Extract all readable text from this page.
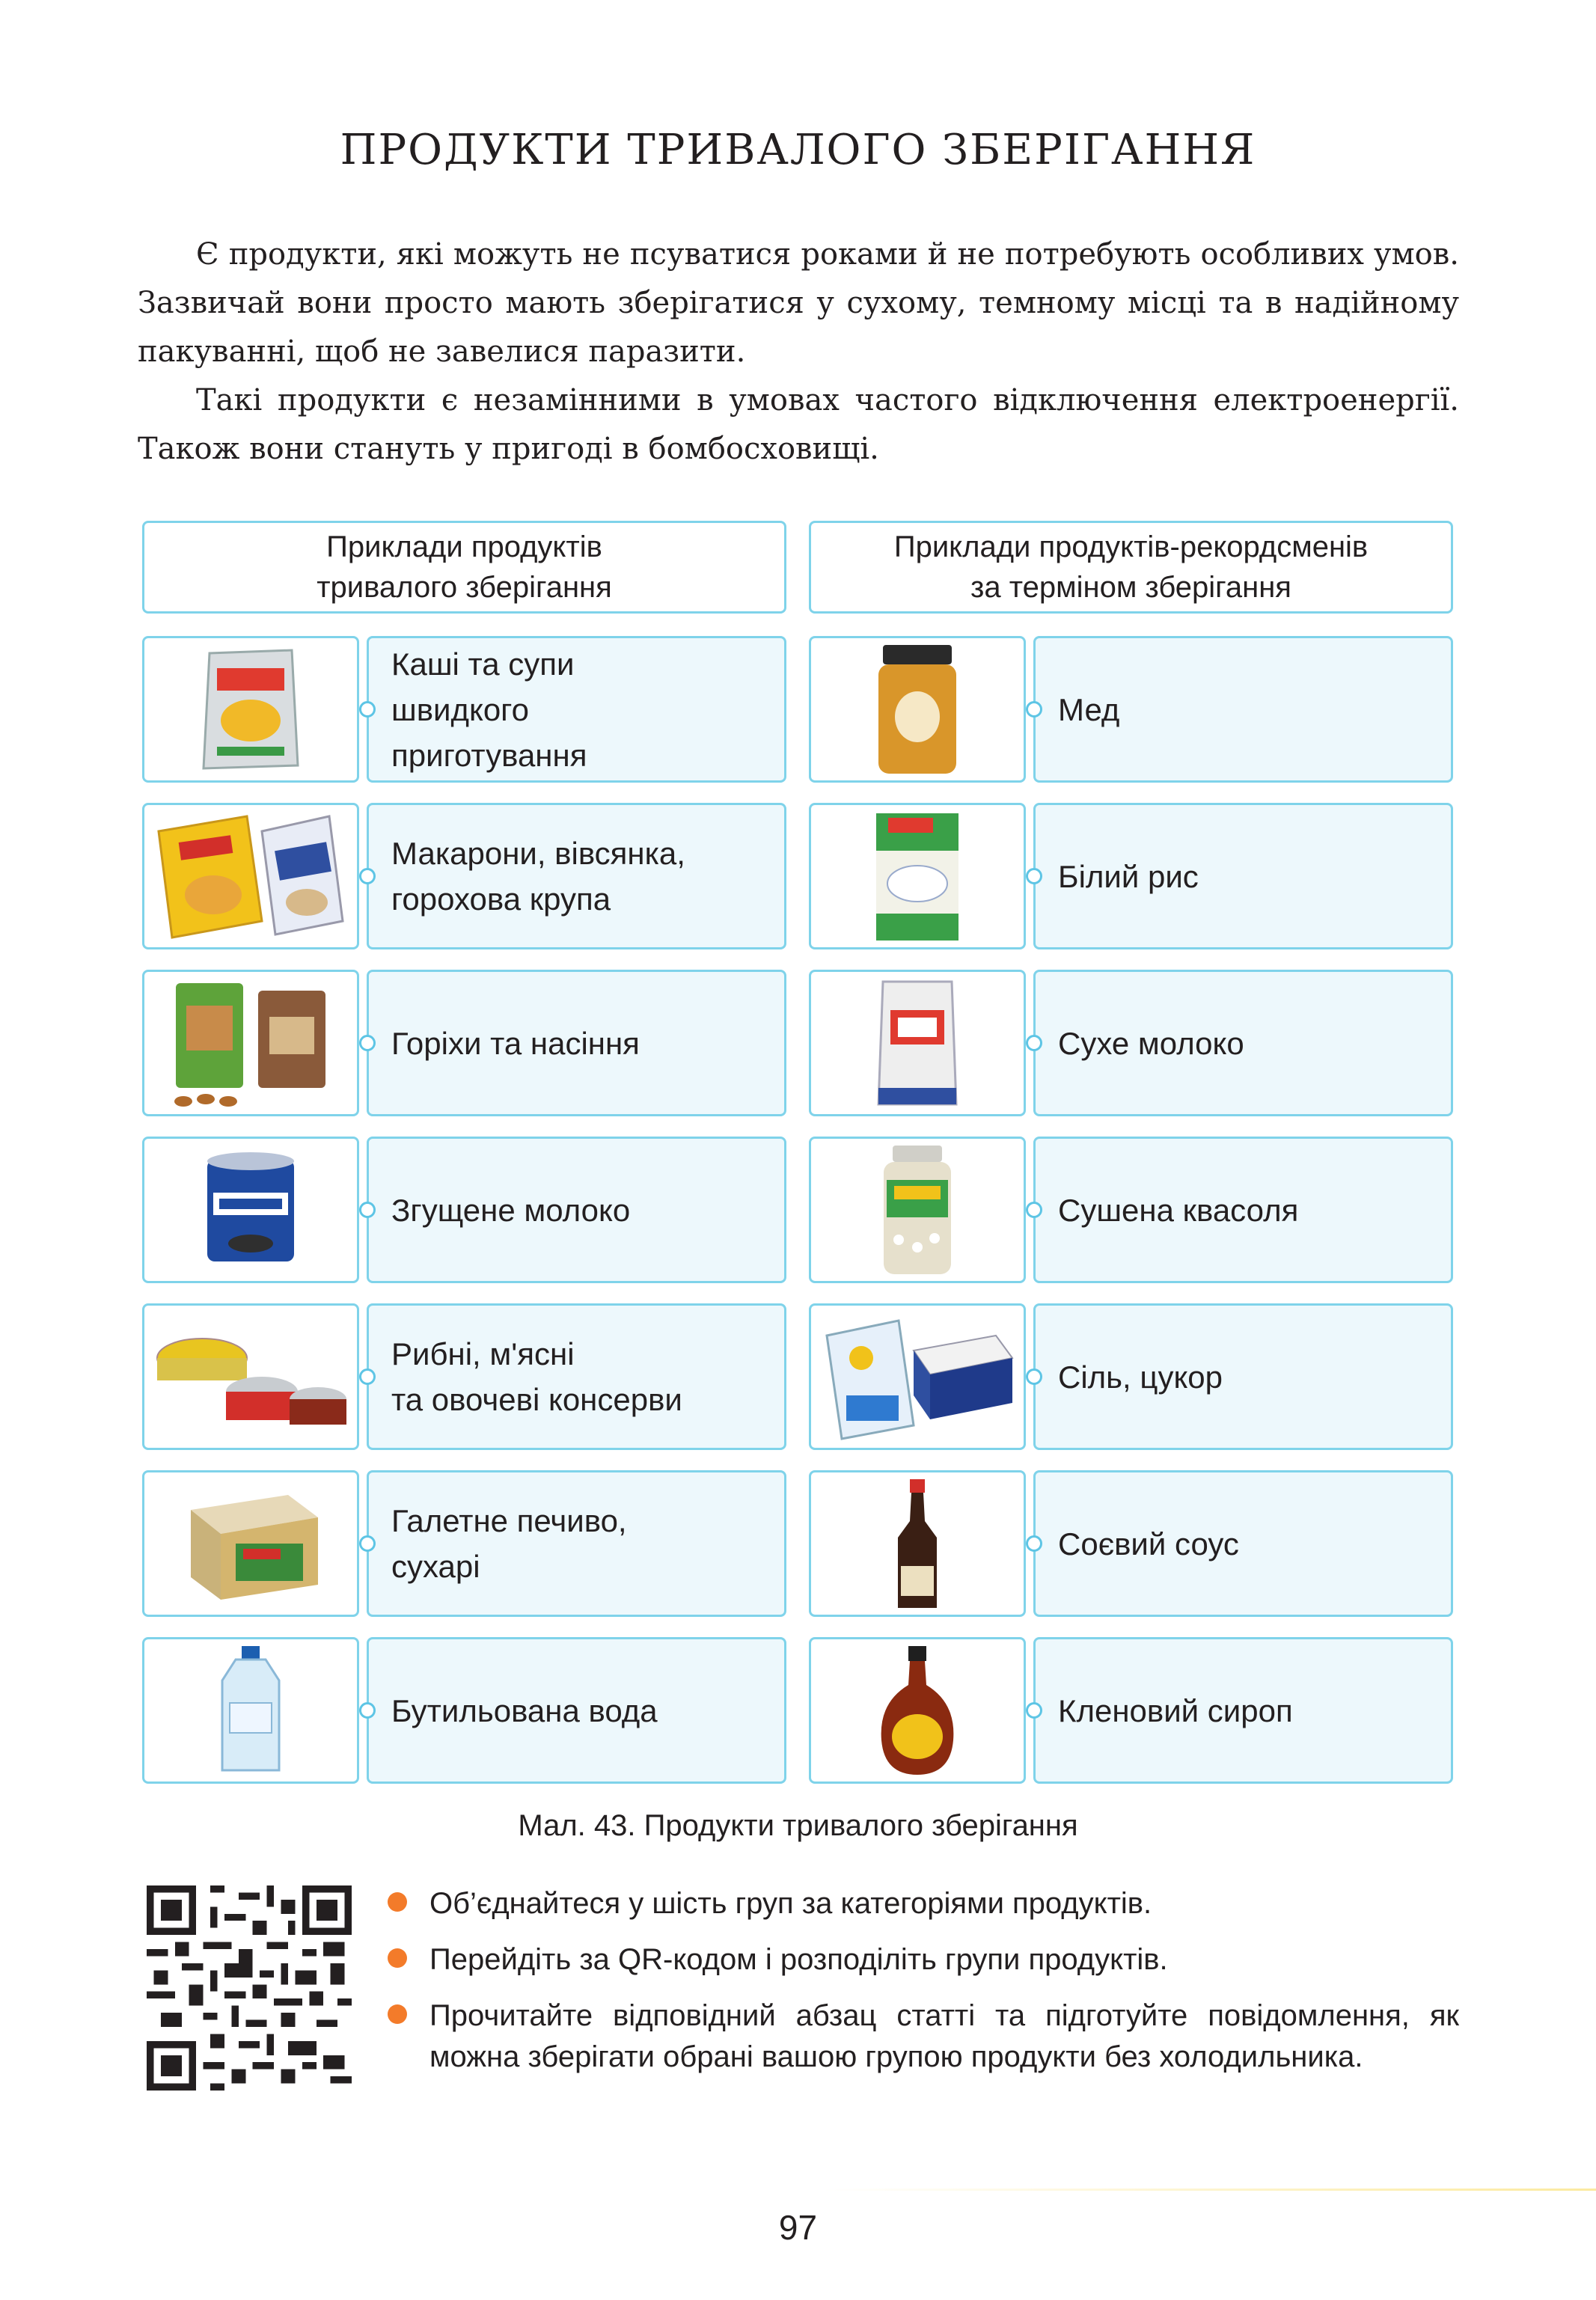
ПРОДУКТИ ТРИВАЛОГО ЗБЕРІГАННЯ

Є продукти, які можуть не псуватися роками й не потребують особливих умов. Зазвичай вони просто мають зберігатися у сухому, темному місці та в надійному пакуванні, щоб не завелися паразити.

Такі продукти є незамінними в умовах частого відключення електроенергії. Також вони стануть у пригоді в бомбосховищі.

Приклади продуктів
тривалого зберігання
Приклади продуктів-рекордсменів
за терміном зберігання
Каші та супи
швидкого
приготування
Макарони, вівсянка,
горохова крупа
Горіхи та насіння
Згущене молоко
Рибні, м'ясні
та овочеві консерви
Галетне печиво,
сухарі
Бутильована вода
Мед
Білий рис
Сухе молоко
Сушена квасоля
Сіль, цукор
Соєвий соус
Кленовий сироп
Мал. 43. Продукти тривалого зберігання
Об’єднайтеся у шість груп за категоріями продуктів.
Перейдіть за QR-кодом і розподіліть групи продуктів.
Прочитайте відповідний абзац статті та підготуйте повідомлення, як можна зберігати обрані вашою групою продукти без холодильника.
97
